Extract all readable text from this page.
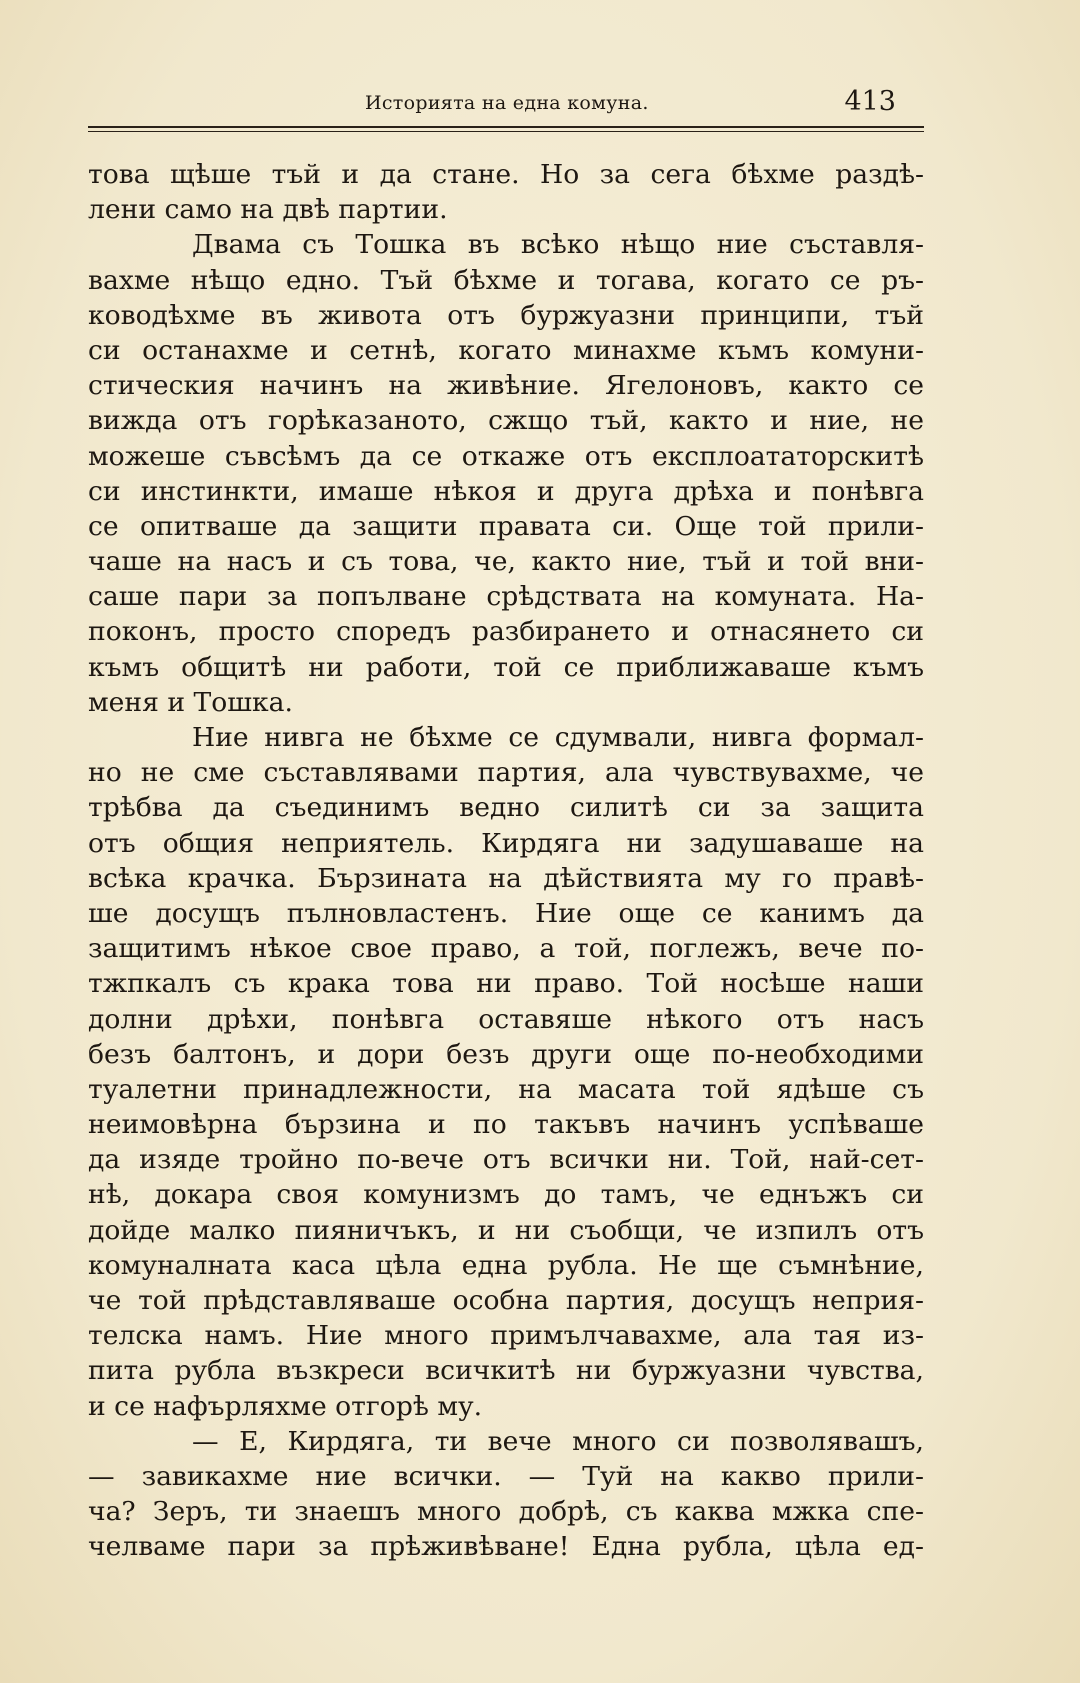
Историята на една комуна.	413
това щѣше тъй и да стане. Но за сега бѣхме раздѣ-
лени само на двѣ партии.
Двама съ Тошка въ всѣко нѣщо ние съставля-
вахме нѣщо едно. Тъй бѣхме и тогава, когато се ръ-
ководѣхме въ живота отъ буржуазни принципи, тъй
си останахме и сетнѣ, когато минахме къмъ комуни-
стическия начинъ на живѣние. Ягелоновъ, както се
вижда отъ горѣказаното, сжщо тъй, както и ние, не
можеше съвсѣмъ да се откаже отъ експлоататорскитѣ
си инстинкти, имаше нѣкоя и друга дрѣха и понѣвга
се опитваше да защити правата си. Още той прили-
чаше на насъ и съ това, че, както ние, тъй и той вни-
саше пари за попълване срѣдствата на комуната. На-
поконъ, просто споредъ разбирането и отнасянето си
къмъ общитѣ ни работи, той се приближаваше къмъ
меня и Тошка.
Ние нивга не бѣхме се сдумвали, нивга формал-
но не сме съставлявами партия, ала чувствувахме, че
трѣбва да съединимъ ведно силитѣ си за защита
отъ общия неприятель. Кирдяга ни задушаваше на
всѣка крачка. Бързината на дѣйствията му го правѣ-
ше досущъ пълновластенъ. Ние още се канимъ да
защитимъ нѣкое свое право, а той, поглежъ, вече по-
тжпкалъ съ крака това ни право. Той носѣше наши
долни дрѣхи, понѣвга оставяше нѣкого отъ насъ
безъ балтонъ, и дори безъ други още по-необходими
туалетни принадлежности, на масата той ядѣше съ
неимовѣрна бързина и по такъвъ начинъ успѣваше
да изяде тройно по-вече отъ всички ни. Той, най-сет-
нѣ, докара своя комунизмъ до тамъ, че еднъжъ си
дойде малко пияничъкъ, и ни съобщи, че изпилъ отъ
комуналната каса цѣла една рубла. Не ще съмнѣние,
че той прѣдставляваше особна партия, досущъ неприя-
телска намъ. Ние много примълчавахме, ала тая из-
пита рубла възкреси всичкитѣ ни буржуазни чувства,
и се нафърляхме отгорѣ му.
— Е, Кирдяга, ти вече много си позволявашъ,
— завикахме ние всички. — Туй на какво прили-
ча? Зеръ, ти знаешъ много добрѣ, съ каква мжка спе-
челваме пари за прѣживѣване! Една рубла, цѣла ед-
